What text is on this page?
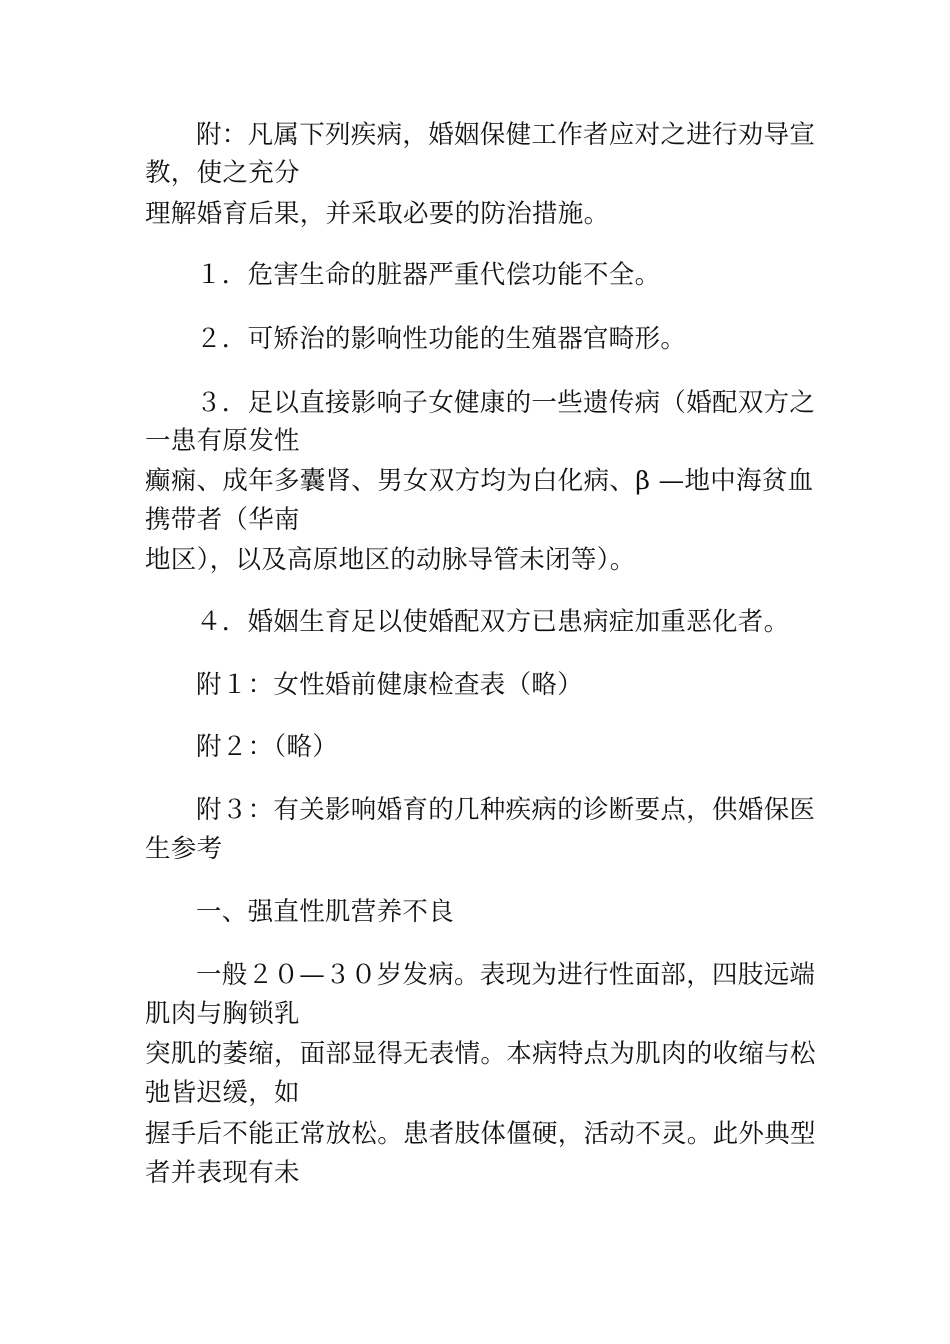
附：凡属下列疾病，婚姻保健工作者应对之进行劝导宣
教，使之充分
理解婚育后果，并采取必要的防治措施。
１．危害生命的脏器严重代偿功能不全。
２．可矫治的影响性功能的生殖器官畸形。
３．足以直接影响子女健康的一些遗传病（婚配双方之
一患有原发性
癫痫、成年多囊肾、男女双方均为白化病、β —地中海贫血
携带者（华南
地区），以及高原地区的动脉导管未闭等）。
４．婚姻生育足以使婚配双方已患病症加重恶化者。
附１：女性婚前健康检查表（略）
附２：（略）
附３：有关影响婚育的几种疾病的诊断要点，供婚保医
生参考
一、强直性肌营养不良
一般２０—３０岁发病。表现为进行性面部，四肢远端
肌肉与胸锁乳
突肌的萎缩，面部显得无表情。本病特点为肌肉的收缩与松
弛皆迟缓，如
握手后不能正常放松。患者肢体僵硬，活动不灵。此外典型
者并表现有未
